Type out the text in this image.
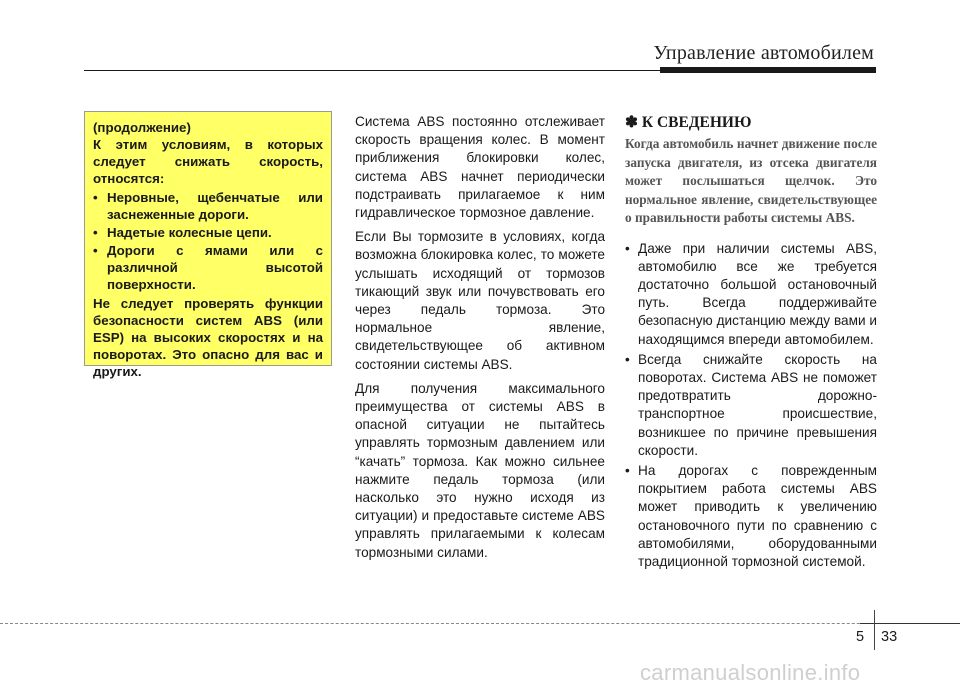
Управление автомобилем

(продолжение)

К этим условиям, в которых следует снижать скорость, относятся:

• Неровные, щебенчатые или заснеженные дороги.
• Надетые колесные цепи.
• Дороги с ямами или с различной высотой поверхности.

Не следует проверять функции безопасности систем ABS (или ESP) на высоких скоростях и на поворотах. Это опасно для вас и других.

Система ABS постоянно отслеживает скорость вращения колес. В момент приближения блокировки колес, система ABS начнет периодически подстраивать прилагаемое к ним гидравлическое тормозное давление.

Если Вы тормозите в условиях, когда возможна блокировка колес, то можете услышать исходящий от тормозов тикающий звук или почувствовать его через педаль тормоза. Это нормальное явление, свидетельствующее об активном состоянии системы ABS.

Для получения максимального преимущества от системы ABS в опасной ситуации не пытайтесь управлять тормозным давлением или “качать” тормоза. Как можно сильнее нажмите педаль тормоза (или насколько это нужно исходя из ситуации) и предоставьте системе ABS управлять прилагаемыми к колесам тормозными силами.

✽ К СВЕДЕНИЮ

Когда автомобиль начнет движение после запуска двигателя, из отсека двигателя может послышаться щелчок. Это нормальное явление, свидетельствующее о правильности работы системы ABS.

• Даже при наличии системы ABS, автомобилю все же требуется достаточно большой остановочный путь. Всегда поддерживайте безопасную дистанцию между вами и находящимся впереди автомобилем.
• Всегда снижайте скорость на поворотах. Система ABS не поможет предотвратить дорожно-транспортное происшествие, возникшее по причине превышения скорости.
• На дорогах с поврежденным покрытием работа системы ABS может приводить к увеличению остановочного пути по сравнению с автомобилями, оборудованными традиционной тормозной системой.
5 33
carmanualsonline.info
